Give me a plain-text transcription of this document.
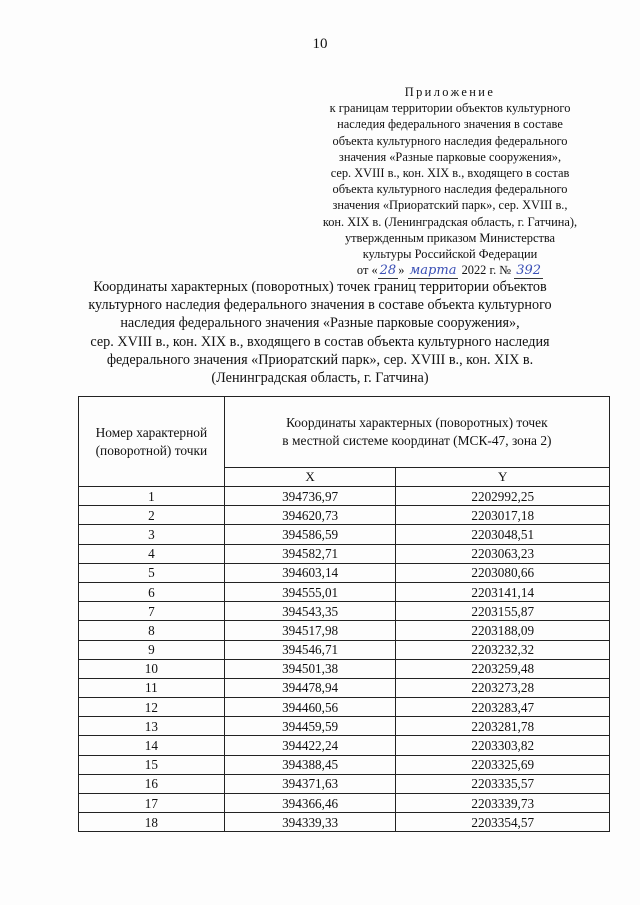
10
Приложение
к границам территории объектов культурного
наследия федерального значения в составе
объекта культурного наследия федерального
значения «Разные парковые сооружения»,
сер. XVIII в., кон. XIX в., входящего в состав
объекта культурного наследия федерального
значения «Приоратский парк», сер. XVIII в.,
кон. XIX в. (Ленинградская область, г. Гатчина),
утвержденным приказом Министерства
культуры Российской Федерации
от « 28 » марта 2022 г. № 392
Координаты характерных (поворотных) точек границ территории объектов
культурного наследия федерального значения в составе объекта культурного
наследия федерального значения «Разные парковые сооружения»,
сер. XVIII в., кон. XIX в., входящего в состав объекта культурного наследия
федерального значения «Приоратский парк», сер. XVIII в., кон. XIX в.
(Ленинградская область, г. Гатчина)
Номер характерной
(поворотной) точки	Координаты характерных (поворотных) точек
в местной системе координат (МСК-47, зона 2)	
	X	Y
1	394736,97	2202992,25
2	394620,73	2203017,18
3	394586,59	2203048,51
4	394582,71	2203063,23
5	394603,14	2203080,66
6	394555,01	2203141,14
7	394543,35	2203155,87
8	394517,98	2203188,09
9	394546,71	2203232,32
10	394501,38	2203259,48
11	394478,94	2203273,28
12	394460,56	2203283,47
13	394459,59	2203281,78
14	394422,24	2203303,82
15	394388,45	2203325,69
16	394371,63	2203335,57
17	394366,46	2203339,73
18	394339,33	2203354,57
